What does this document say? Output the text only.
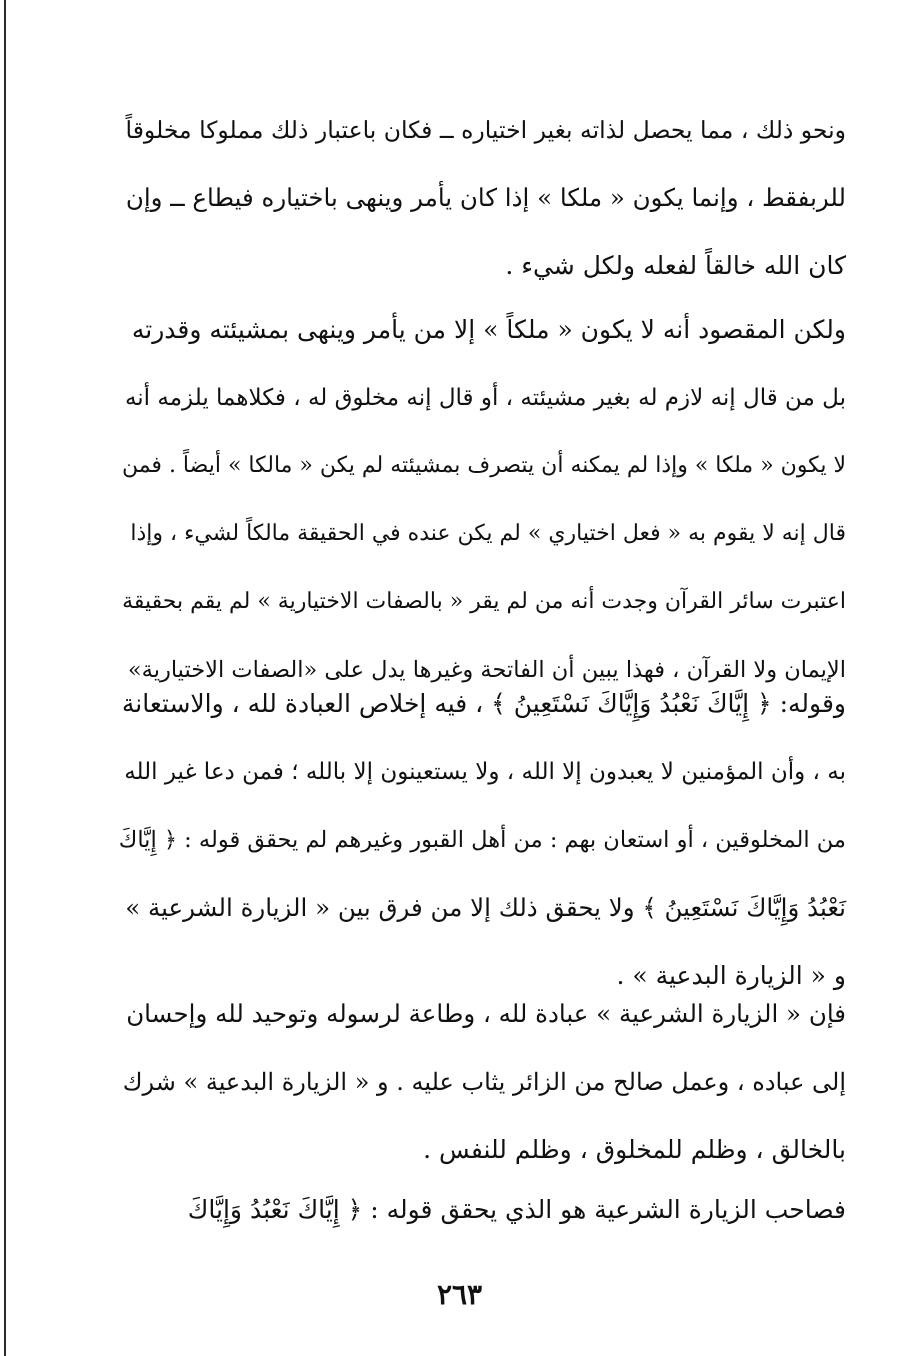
ونحو ذلك ، مما يحصل لذاته بغير اختياره ــ فكان باعتبار ذلك مملوكا مخلوقاً
للربفقط ، وإنما يكون « ملكا » إذا كان يأمر وينهى باختياره فيطاع ــ وإن
كان الله خالقاً لفعله ولكل شيء .
ولكن المقصود أنه لا يكون « ملكاً » إلا من يأمر وينهى بمشيئته وقدرته
بل من قال إنه لازم له بغير مشيئته ، أو قال إنه مخلوق له ، فكلاهما يلزمه أنه
لا يكون « ملكا » وإذا لم يمكنه أن يتصرف بمشيئته لم يكن « مالكا » أيضاً . فمن
قال إنه لا يقوم به « فعل اختياري » لم يكن عنده في الحقيقة مالكاً لشيء ، وإذا
اعتبرت سائر القرآن وجدت أنه من لم يقر « بالصفات الاختيارية » لم يقم بحقيقة
الإيمان ولا القرآن ، فهذا يبين أن الفاتحة وغيرها يدل على «الصفات الاختيارية»
وقوله: ﴿ إِيَّاكَ نَعْبُدُ وَإِيَّاكَ نَسْتَعِينُ ﴾ ، فيه إخلاص العبادة لله ، والاستعانة
به ، وأن المؤمنين لا يعبدون إلا الله ، ولا يستعينون إلا بالله ؛ فمن دعا غير الله
من المخلوقين ، أو استعان بهم : من أهل القبور وغيرهم لم يحقق قوله : ﴿ إِيَّاكَ
نَعْبُدُ وَإِيَّاكَ نَسْتَعِينُ ﴾ ولا يحقق ذلك إلا من فرق بين « الزيارة الشرعية »
و « الزيارة البدعية » .
فإن « الزيارة الشرعية » عبادة لله ، وطاعة لرسوله وتوحيد لله وإحسان
إلى عباده ، وعمل صالح من الزائر يثاب عليه . و « الزيارة البدعية » شرك
بالخالق ، وظلم للمخلوق ، وظلم للنفس .
فصاحب الزيارة الشرعية هو الذي يحقق قوله : ﴿ إِيَّاكَ نَعْبُدُ وَإِيَّاكَ
٢٦٣
